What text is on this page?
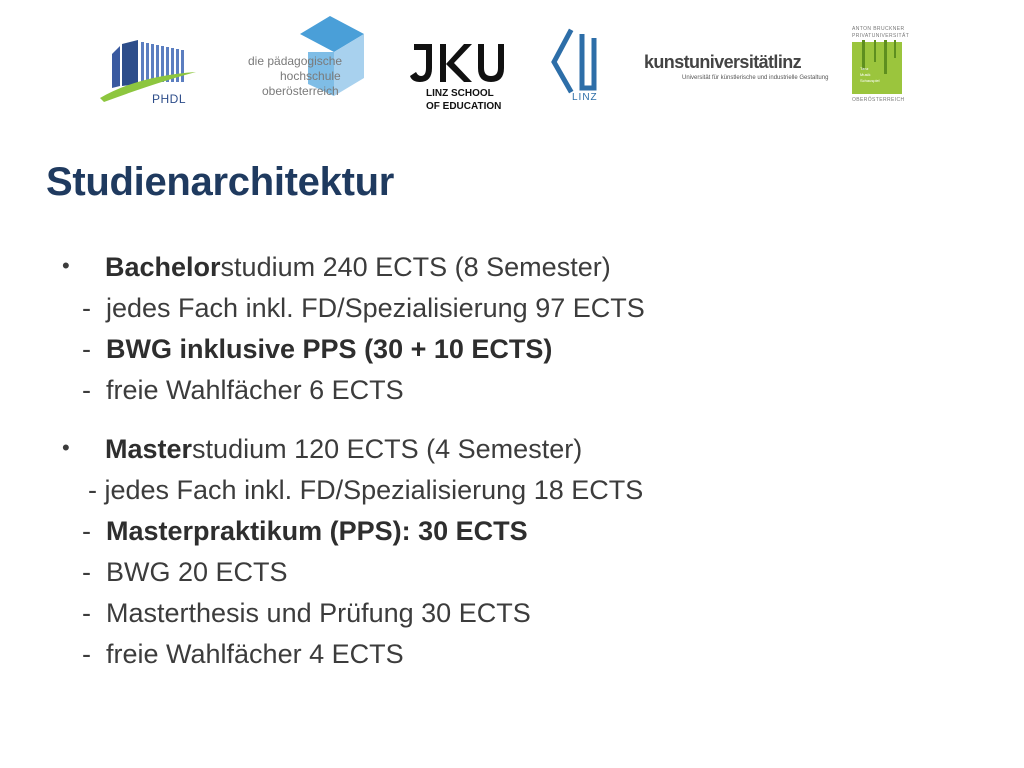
PHDL
die pädagogische
hochschule
oberösterreich	LINZ SCHOOL
OF EDUCATION
LINZ
kunstuniversitätlinz
Universität für künstlerische und industrielle Gestaltung
ANTON BRUCKNER
PRIVATUNIVERSITÄT
Tanz
Musik
Schauspiel
OBERÖSTERREICH
Studienarchitektur
• Bachelorstudium 240 ECTS (8 Semester)
-  jedes Fach inkl. FD/Spezialisierung 97 ECTS
-  BWG inklusive PPS (30 + 10 ECTS)
-  freie Wahlfächer 6 ECTS
• Masterstudium 120 ECTS (4 Semester)
- jedes Fach inkl. FD/Spezialisierung 18 ECTS
-  Masterpraktikum (PPS): 30 ECTS
-  BWG 20 ECTS
-  Masterthesis und Prüfung 30 ECTS
-  freie Wahlfächer 4 ECTS
